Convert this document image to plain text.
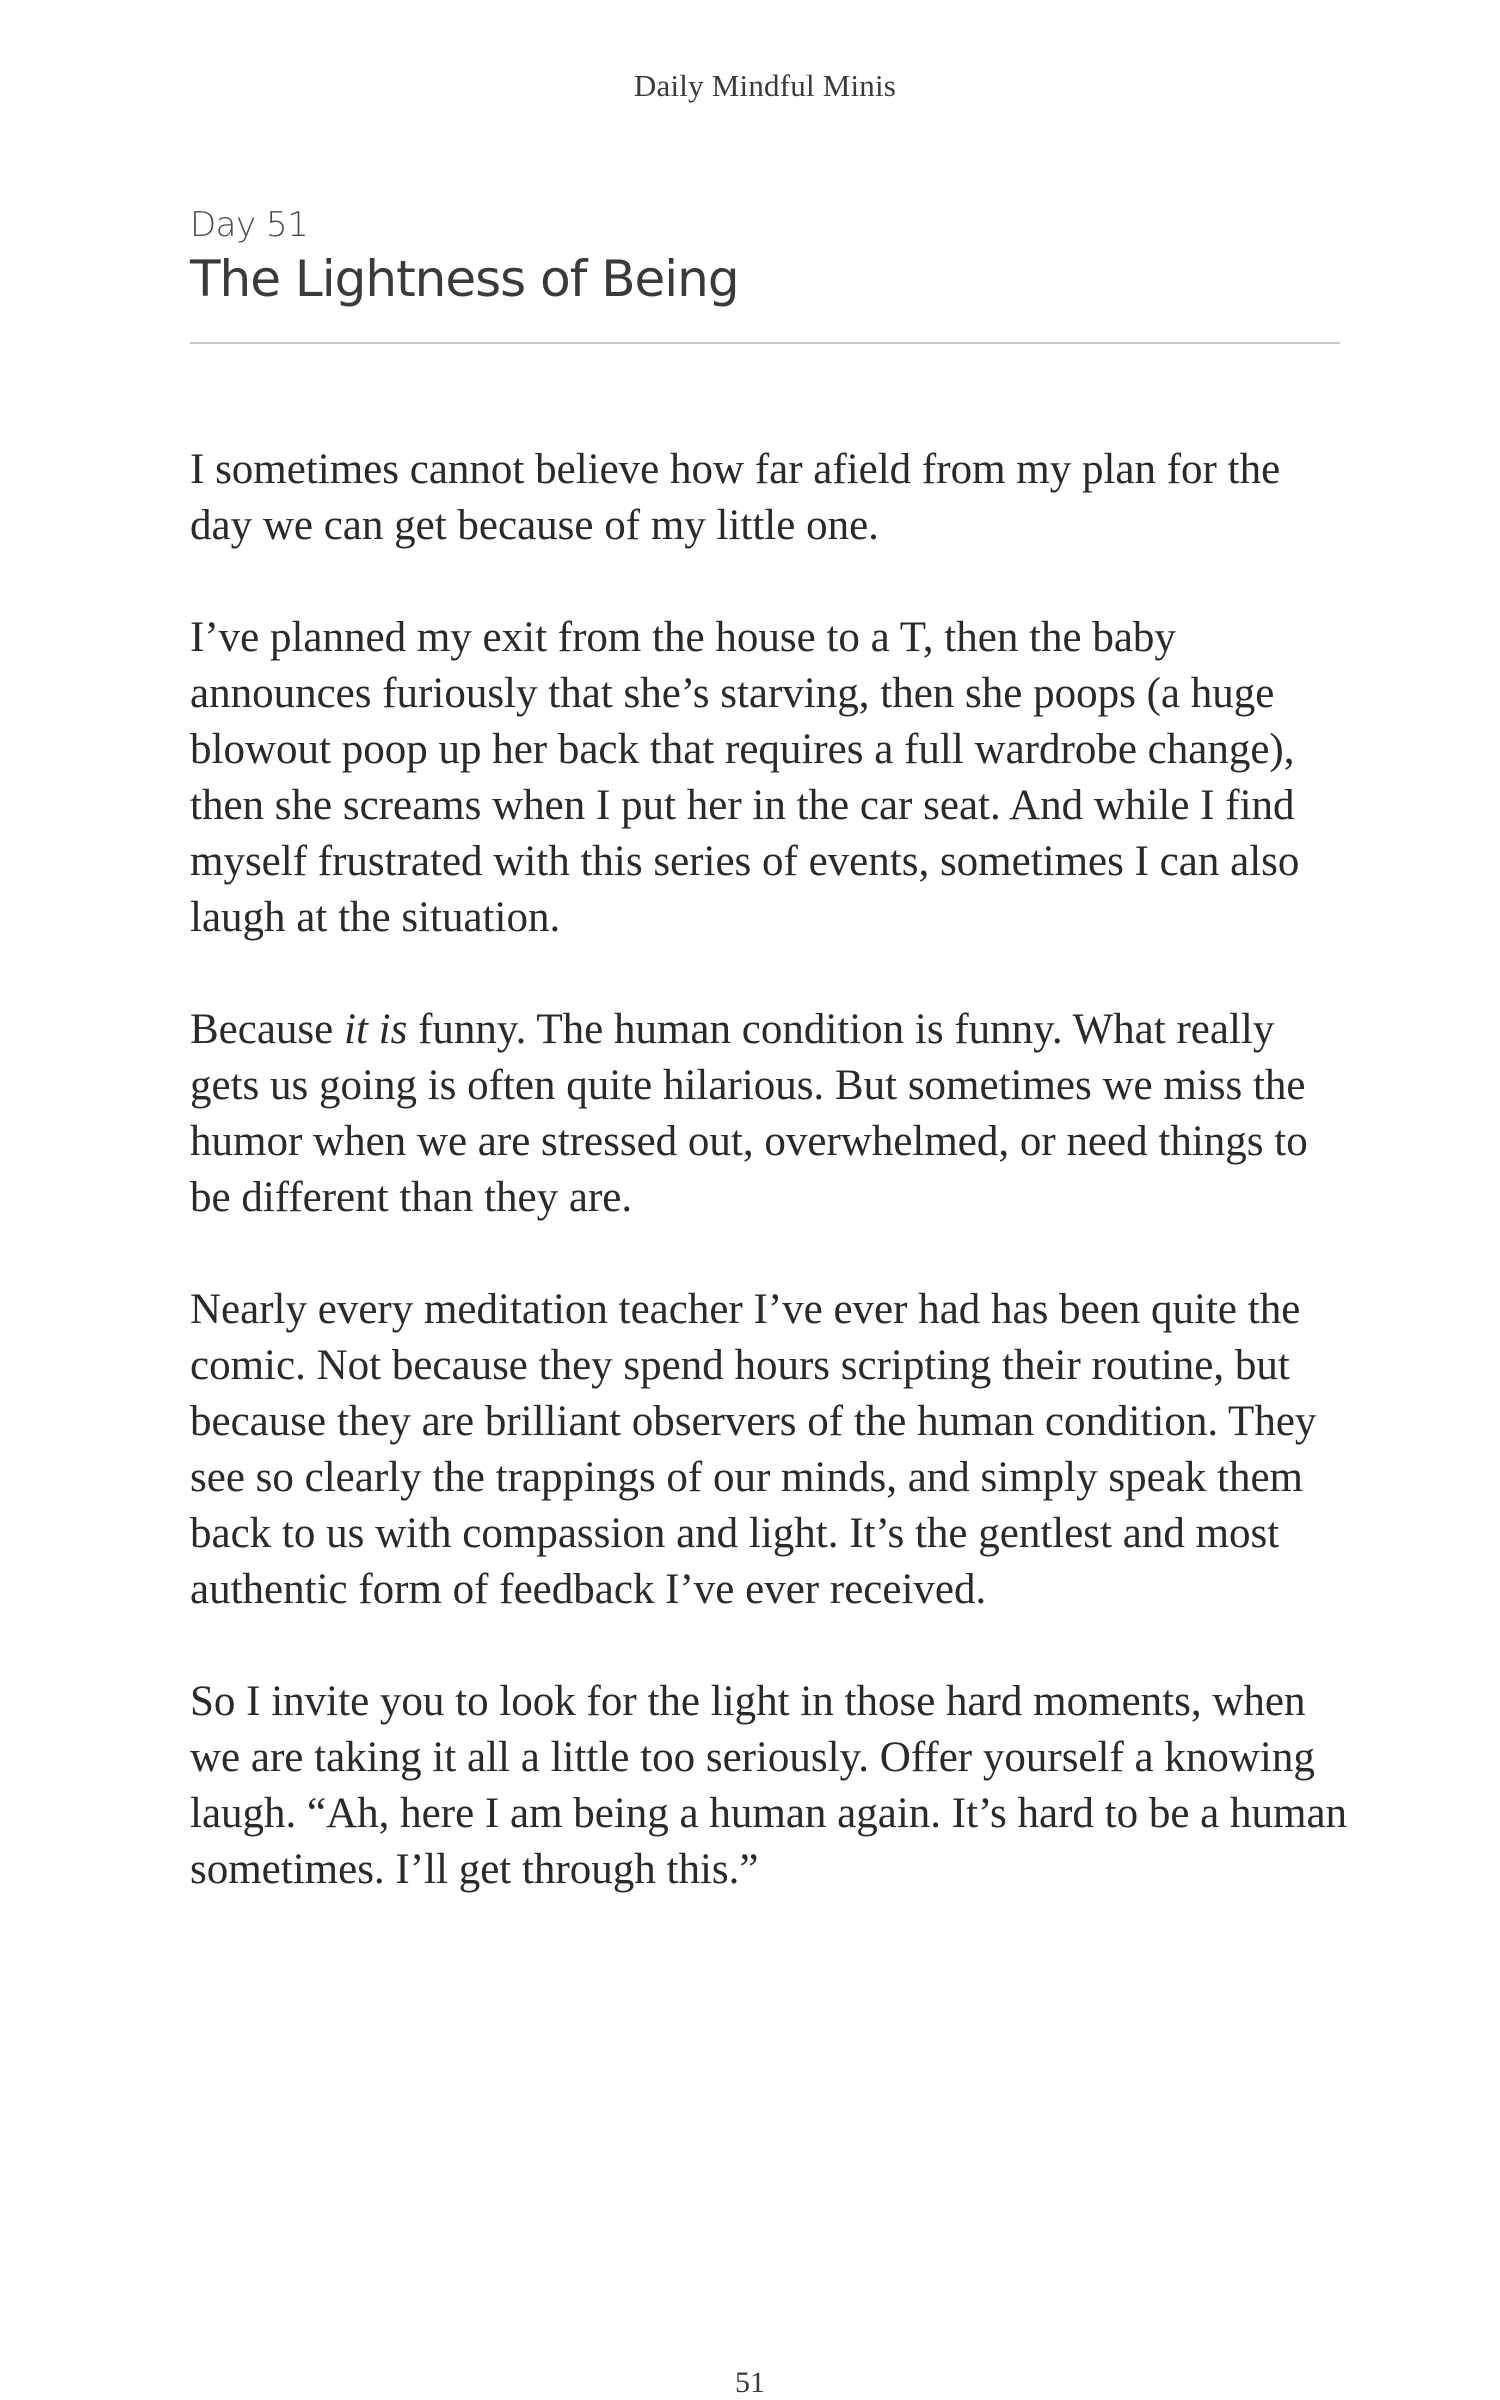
Daily Mindful Minis
Day 51
The Lightness of Being

I sometimes cannot believe how far afield from my plan for the day we can get because of my little one.

I’ve planned my exit from the house to a T, then the baby announces furiously that she’s starving, then she poops (a huge blowout poop up her back that requires a full wardrobe change), then she screams when I put her in the car seat. And while I find myself frustrated with this series of events, sometimes I can also laugh at the situation.

Because it is funny. The human condition is funny. What really gets us going is often quite hilarious. But sometimes we miss the humor when we are stressed out, overwhelmed, or need things to be different than they are.

Nearly every meditation teacher I’ve ever had has been quite the comic. Not because they spend hours scripting their routine, but because they are brilliant observers of the human condition. They see so clearly the trappings of our minds, and simply speak them back to us with compassion and light. It’s the gentlest and most authentic form of feedback I’ve ever received.

So I invite you to look for the light in those hard moments, when we are taking it all a little too seriously. Offer yourself a knowing laugh. “Ah, here I am being a human again. It’s hard to be a human sometimes. I’ll get through this.”

51
